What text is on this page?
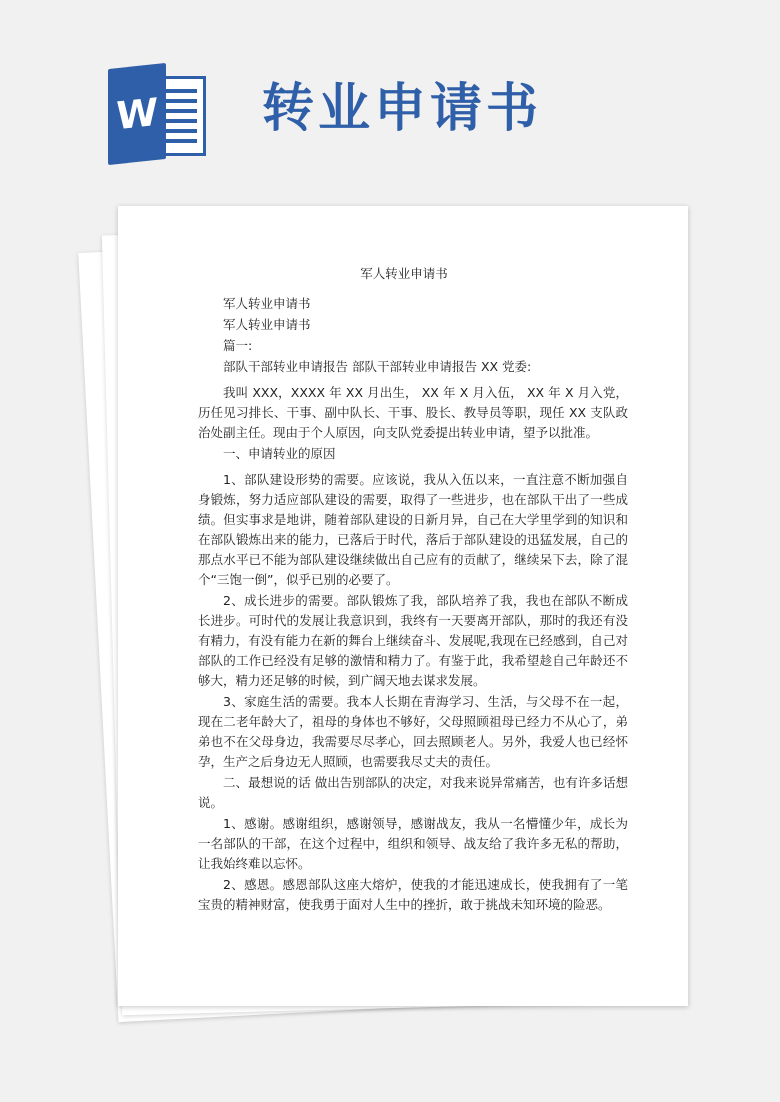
W 转业申请书
军人转业申请书
军人转业申请书
军人转业申请书
篇一:
部队干部转业申请报告 部队干部转业申请报告 XX 党委:

我叫 XXX，XXXX 年 XX 月出生， XX 年 X 月入伍， XX 年 X 月入党，历任见习排长、干事、副中队长、干事、股长、教导员等职，现任 XX 支队政治处副主任。现由于个人原因，向支队党委提出转业申请，望予以批准。

一、申请转业的原因

1、部队建设形势的需要。应该说，我从入伍以来，一直注意不断加强自身锻炼，努力适应部队建设的需要，取得了一些进步，也在部队干出了一些成绩。但实事求是地讲，随着部队建设的日新月异，自己在大学里学到的知识和在部队锻炼出来的能力，已落后于时代，落后于部队建设的迅猛发展，自己的那点水平已不能为部队建设继续做出自己应有的贡献了，继续呆下去，除了混个“三饱一倒”，似乎已别的必要了。

2、成长进步的需要。部队锻炼了我，部队培养了我，我也在部队不断成长进步。可时代的发展让我意识到，我终有一天要离开部队，那时的我还有没有精力，有没有能力在新的舞台上继续奋斗、发展呢,我现在已经感到，自己对部队的工作已经没有足够的激情和精力了。有鉴于此，我希望趁自己年龄还不够大，精力还足够的时候，到广阔天地去谋求发展。

3、家庭生活的需要。我本人长期在青海学习、生活，与父母不在一起，现在二老年龄大了，祖母的身体也不够好，父母照顾祖母已经力不从心了，弟弟也不在父母身边，我需要尽尽孝心，回去照顾老人。另外，我爱人也已经怀孕，生产之后身边无人照顾，也需要我尽丈夫的责任。

二、最想说的话 做出告别部队的决定，对我来说异常痛苦，也有许多话想说。

1、感谢。感谢组织，感谢领导，感谢战友，我从一名懵懂少年，成长为一名部队的干部，在这个过程中，组织和领导、战友给了我许多无私的帮助，让我始终难以忘怀。

2、感恩。感恩部队这座大熔炉，使我的才能迅速成长，使我拥有了一笔宝贵的精神财富，使我勇于面对人生中的挫折，敢于挑战未知环境的险恶。
